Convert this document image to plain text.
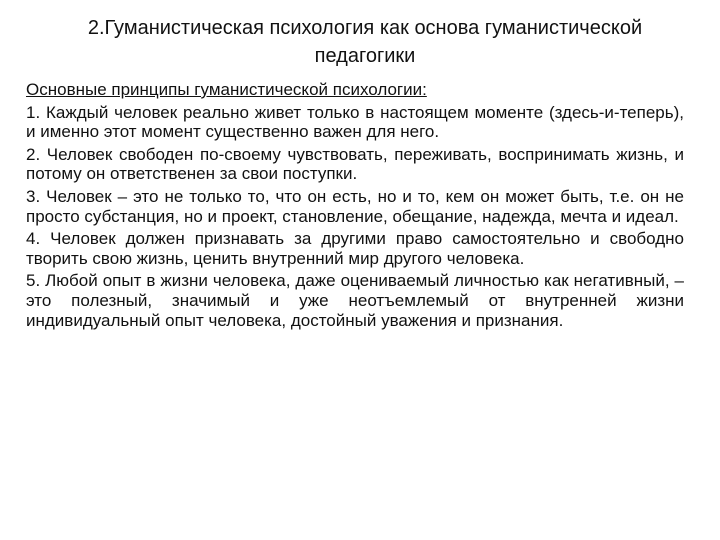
2.Гуманистическая психология как основа гуманистической
педагогики
Основные принципы гуманистической психологии:

1. Каждый человек реально живет только в настоящем моменте (здесь-и-теперь), и именно этот момент существенно важен для него.

2. Человек свободен по-своему чувствовать, переживать, воспринимать жизнь, и потому он ответственен за свои поступки.

3. Человек – это не только то, что он есть, но и то, кем он может быть, т.е. он не просто субстанция, но и проект, становление, обещание, надежда, мечта и идеал.

4. Человек должен признавать за другими право самостоятельно и свободно творить свою жизнь, ценить внутренний мир другого человека.

5. Любой опыт в жизни человека, даже оцениваемый личностью как негативный, – это полезный, значимый и уже неотъемлемый от внутренней жизни индивидуальный опыт человека, достойный уважения и признания.
